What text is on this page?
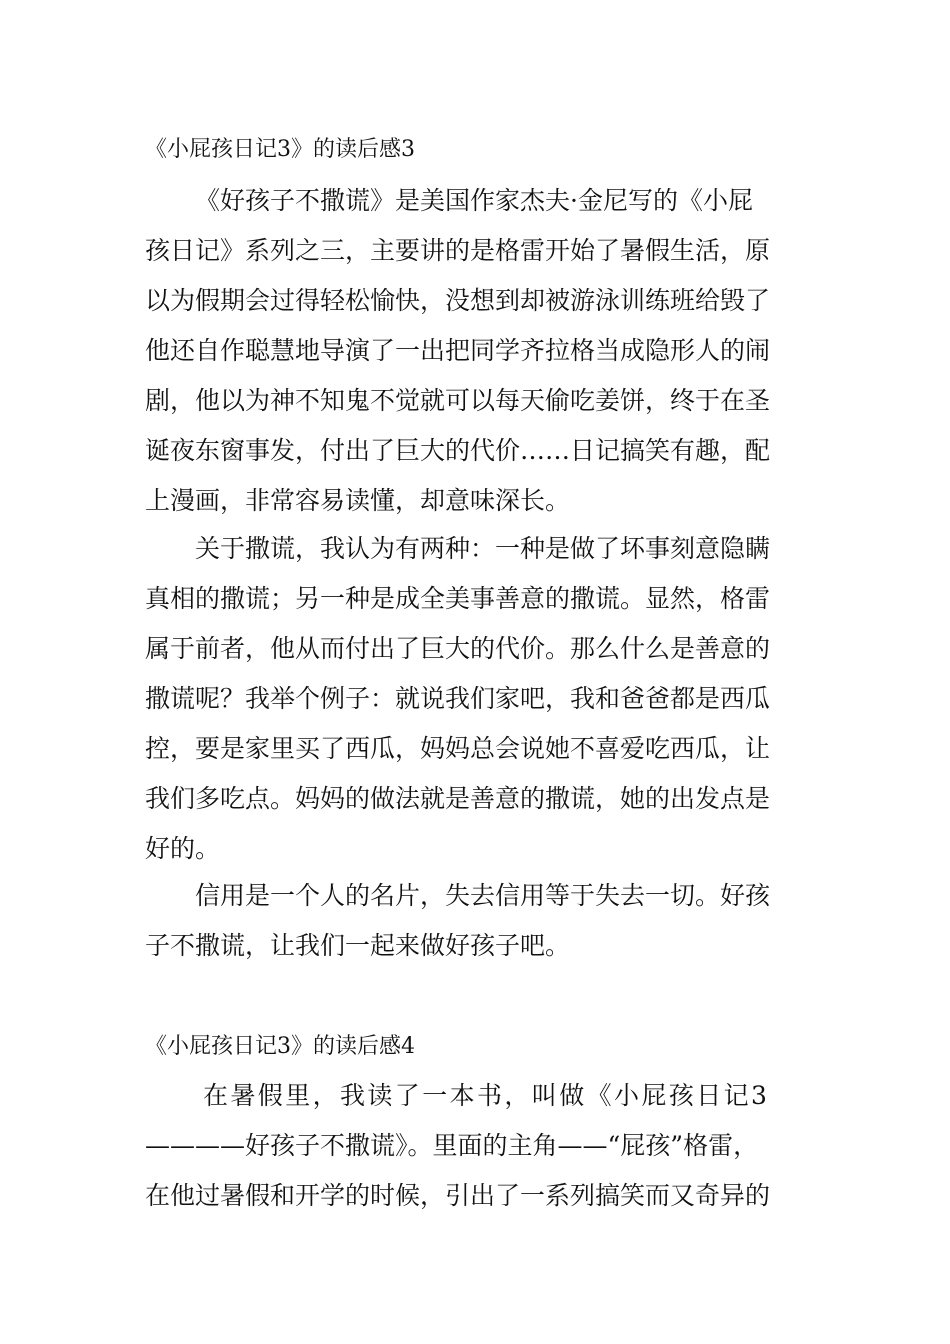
《小屁孩日记3》的读后感3

《好孩子不撒谎》是美国作家杰夫·金尼写的《小屁
孩日记》系列之三，主要讲的是格雷开始了暑假生活，原
以为假期会过得轻松愉快，没想到却被游泳训练班给毁了
他还自作聪慧地导演了一出把同学齐拉格当成隐形人的闹
剧，他以为神不知鬼不觉就可以每天偷吃姜饼，终于在圣
诞夜东窗事发，付出了巨大的代价……日记搞笑有趣，配
上漫画，非常容易读懂，却意味深长。
关于撒谎，我认为有两种：一种是做了坏事刻意隐瞒
真相的撒谎；另一种是成全美事善意的撒谎。显然，格雷
属于前者，他从而付出了巨大的代价。那么什么是善意的
撒谎呢？我举个例子：就说我们家吧，我和爸爸都是西瓜
控，要是家里买了西瓜，妈妈总会说她不喜爱吃西瓜，让
我们多吃点。妈妈的做法就是善意的撒谎，她的出发点是
好的。
信用是一个人的名片，失去信用等于失去一切。好孩
子不撒谎，让我们一起来做好孩子吧。

《小屁孩日记3》的读后感4

在暑假里，我读了一本书，叫做《小屁孩日记3
————好孩子不撒谎》。里面的主角——“屁孩”格雷，
在他过暑假和开学的时候，引出了一系列搞笑而又奇异的
